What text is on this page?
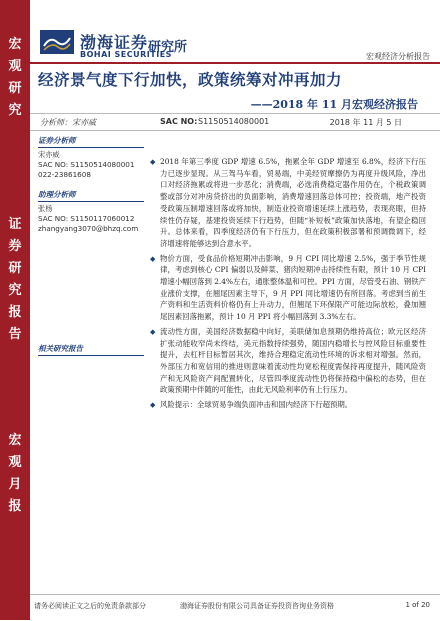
宏
观
研
究
证
券
研
究
报
告
宏
观
月
报
渤海证券
BOHAI SECURITIES
研究所
宏观经济分析报告
经济景气度下行加快，政策统筹对冲再加力
——2018 年 11 月宏观经济报告
分析师：宋亦威	SAC NO: S1150514080001	2018 年 11 月 5 日
证券分析师
宋亦威
SAC NO: S1150514080001
022-23861608
助理分析师
张杨
SAC NO: S1150117060012
zhangyang3070@bhzq.com
相关研究报告
◆ 2018 年第三季度 GDP 增速 6.5%，拖累全年 GDP 增速至 6.8%，经济下行压力已逐步显现。从三驾马车看，贸易端，中美经贸摩擦仍为再度升级风险，净出口对经济拖累或将进一步恶化；消费端，必选消费稳定器作用仍在，个税政策调整或部分对冲房贷挤出的负面影响，消费增速回落总体可控；投资端，地产投资受政策压制增速回落或将加快，制造业投资增速延续上涨趋势，表现亮眼，但持续性仍存疑，基建投资延续下行趋势，但随“补短板”政策加快落地，有望企稳回升。总体来看，四季度经济仍有下行压力，但在政策积极部署和预调微调下，经济增速将能够达到合意水平。
◆ 物价方面，受食品价格短期冲击影响，9 月 CPI 同比增速 2.5%，强于季节性规律，考虑到核心 CPI 偏弱以及鲜菜、猪肉短期冲击持续性有限，预计 10 月 CPI 增速小幅回落到 2.4%左右，通胀整体温和可控。PPI 方面，尽管受石油、钢铁产业涨价支撑，在翘尾因素主导下，9 月 PPI 同比增速仍有所回落。考虑到当前生产资料和生活资料价格仍有上升动力，但翘尾下环保限产可能边际放松，叠加翘尾因素回落拖累，预计 10 月 PPI 将小幅回落到 3.3%左右。
◆ 流动性方面，美国经济数据稳中向好，美联储加息预期仍维持高位；欧元区经济扩张动能收窄尚未终结，美元指数持续强势，随国内稳增长与控风险目标重要性提升，去杠杆目标暂居其次，维持合理稳定流动性环境的诉求相对增强。然而，外部压力和宽信用的推进则意味着流动性均宽松程度需保持再度提升，随风险资产和无风险资产间配置转化，尽管四季度流动性仍将保持稳中偏松的态势，但在政策预期中伴随的可能性，由此无风险利率仍有上行压力。
◆ 风险提示：全球贸易争端负面冲击和国内经济下行超预期。
请务必阅读正文之后的免责条款部分	渤海证券股份有限公司具备证券投资咨询业务资格	1 of 20
